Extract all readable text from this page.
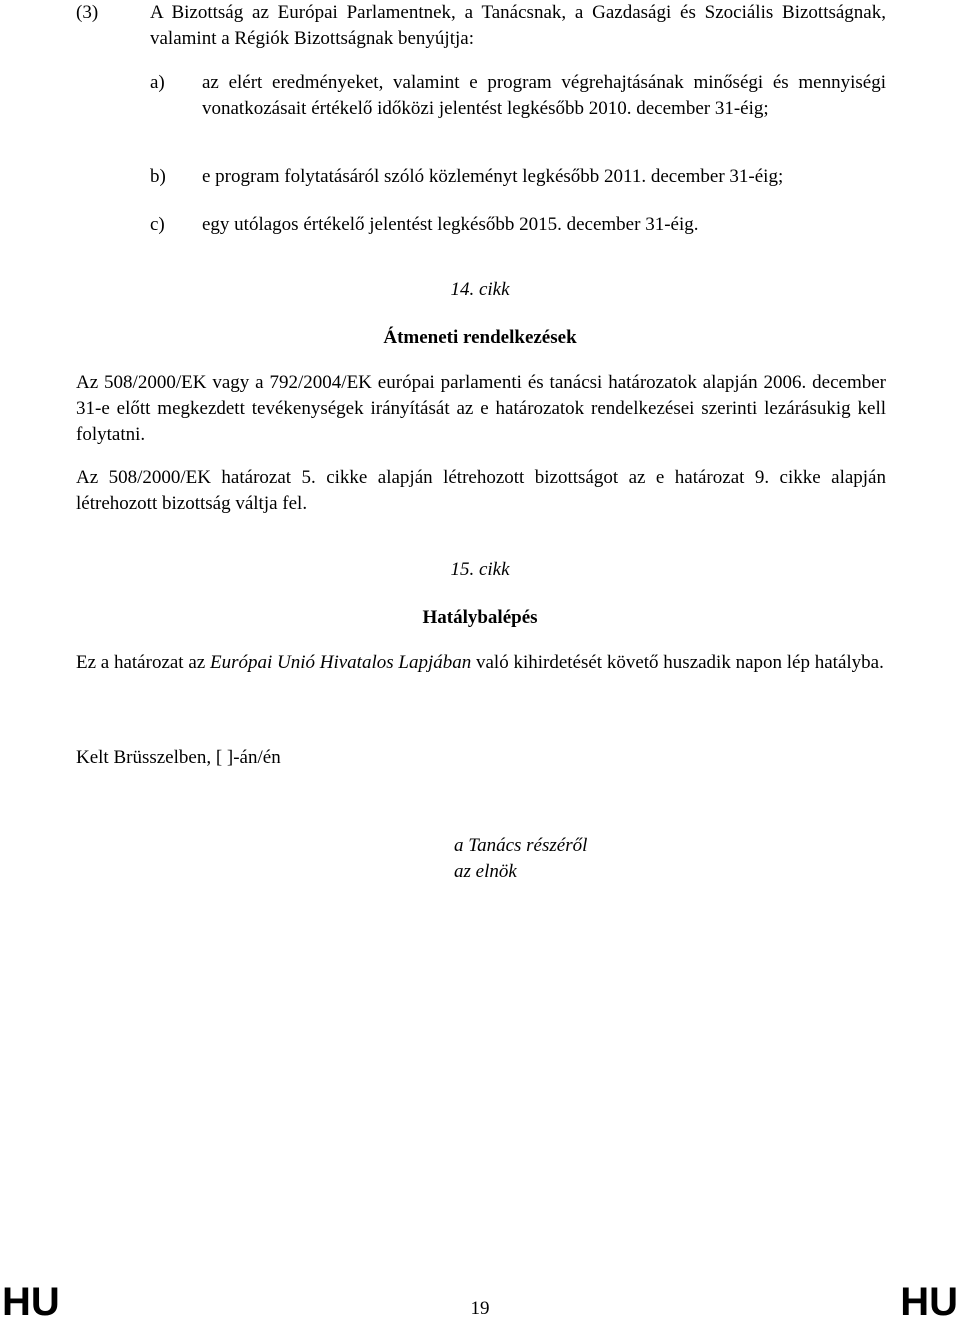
(3)	A Bizottság az Európai Parlamentnek, a Tanácsnak, a Gazdasági és Szociális Bizottságnak, valamint a Régiók Bizottságnak benyújtja:
a) az elért eredményeket, valamint e program végrehajtásának minőségi és mennyiségi vonatkozásait értékelő időközi jelentést legkésőbb 2010. december 31-éig;
b) e program folytatásáról szóló közleményt legkésőbb 2011. december 31-éig;
c) egy utólagos értékelő jelentést legkésőbb 2015. december 31-éig.
14. cikk
Átmeneti rendelkezések
Az 508/2000/EK vagy a 792/2004/EK európai parlamenti és tanácsi határozatok alapján 2006. december 31-e előtt megkezdett tevékenységek irányítását az e határozatok rendelkezései szerinti lezárásukig kell folytatni.
Az 508/2000/EK határozat 5. cikke alapján létrehozott bizottságot az e határozat 9. cikke alapján létrehozott bizottság váltja fel.
15. cikk
Hatálybalépés
Ez a határozat az Európai Unió Hivatalos Lapjában való kihirdetését követő huszadik napon lép hatályba.
Kelt Brüsszelben, [ ]-án/én
a Tanács részéről
az elnök
HU	19	HU
